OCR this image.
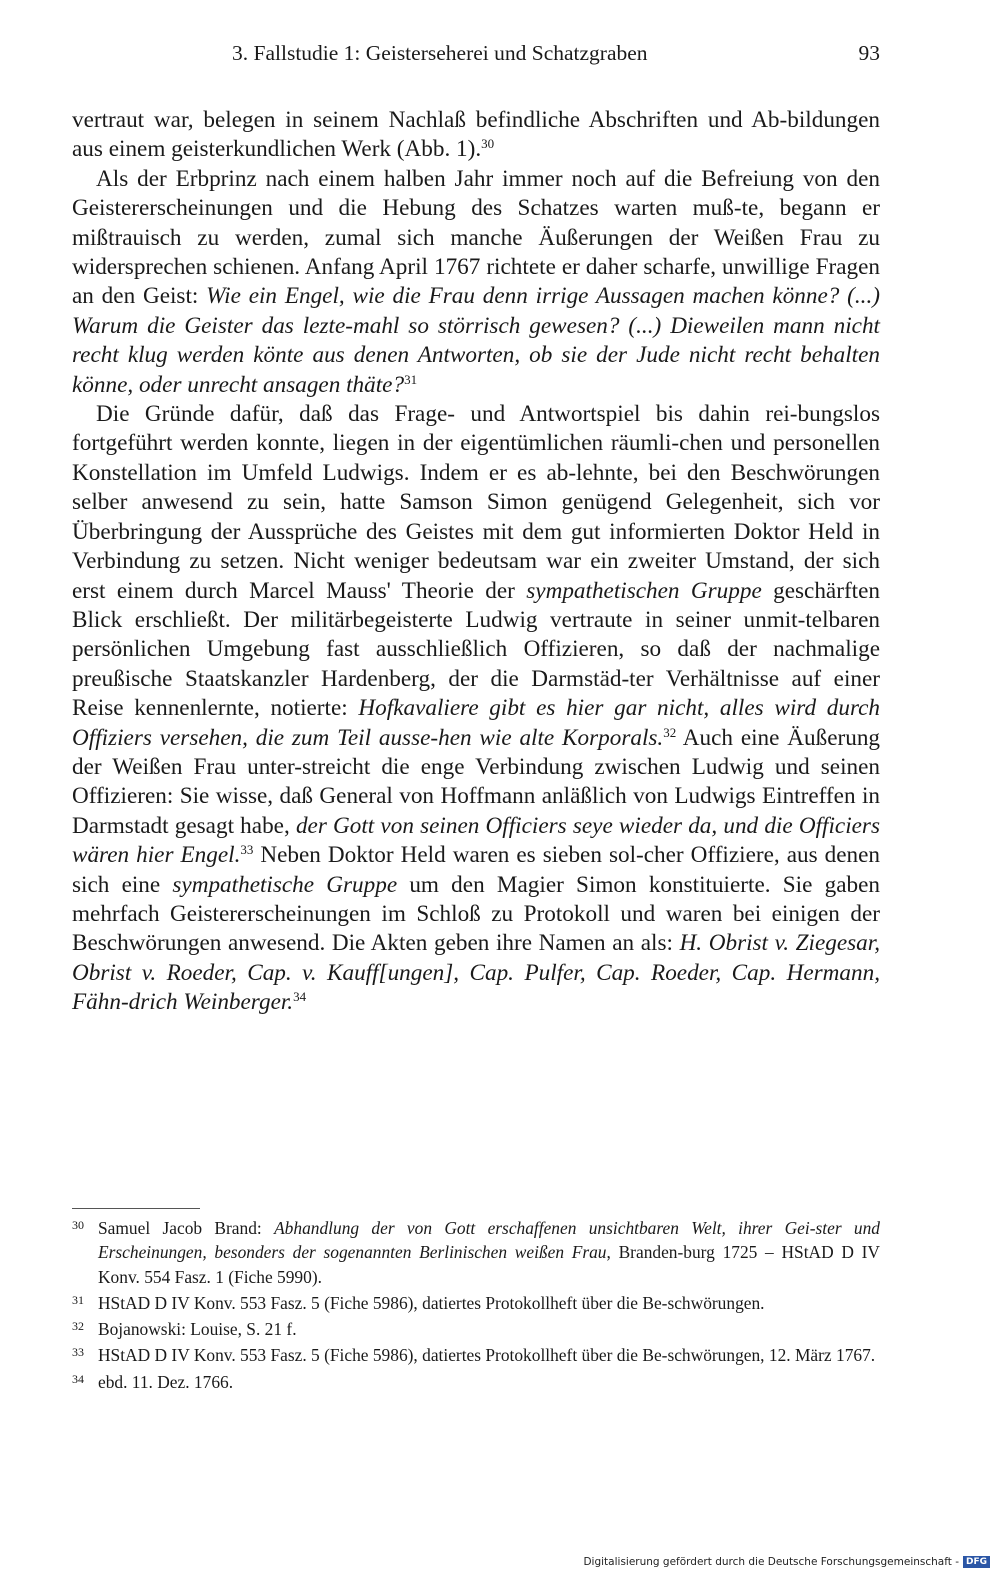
3. Fallstudie 1: Geisterseherei und Schatzgraben	93

vertraut war, belegen in seinem Nachlaß befindliche Abschriften und Ab-​bildungen aus einem geisterkundlichen Werk (Abb. 1).$^{30}$

Als der Erbprinz nach einem halben Jahr immer noch auf die Befreiung von den Geistererscheinungen und die Hebung des Schatzes warten muß-​te, begann er mißtrauisch zu werden, zumal sich manche Äußerungen der Weißen Frau zu widersprechen schienen. Anfang April 1767 richtete er daher scharfe, unwillige Fragen an den Geist: Wie ein Engel, wie die Frau denn irrige Aussagen machen könne? (...) Warum die Geister das lezte-​mahl so störrisch gewesen? (...) Dieweilen mann nicht recht klug werden könte aus denen Antworten, ob sie der Jude nicht recht behalten könne, oder unrecht ansagen thäte?$^{31}$

Die Gründe dafür, daß das Frage- und Antwortspiel bis dahin rei-​bungslos fortgeführt werden konnte, liegen in der eigentümlichen räumli-​chen und personellen Konstellation im Umfeld Ludwigs. Indem er es ab-​lehnte, bei den Beschwörungen selber anwesend zu sein, hatte Samson Simon genügend Gelegenheit, sich vor Überbringung der Aussprüche des Geistes mit dem gut informierten Doktor Held in Verbindung zu setzen. Nicht weniger bedeutsam war ein zweiter Umstand, der sich erst einem durch Marcel Mauss' Theorie der sympathetischen Gruppe geschärften Blick erschließt. Der militärbegeisterte Ludwig vertraute in seiner unmit-​telbaren persönlichen Umgebung fast ausschließlich Offizieren, so daß der nachmalige preußische Staatskanzler Hardenberg, der die Darmstäd-​ter Verhältnisse auf einer Reise kennenlernte, notierte: Hofkavaliere gibt es hier gar nicht, alles wird durch Offiziers versehen, die zum Teil ausse-​hen wie alte Korporals.$^{32}$ Auch eine Äußerung der Weißen Frau unter-​streicht die enge Verbindung zwischen Ludwig und seinen Offizieren: Sie wisse, daß General von Hoffmann anläßlich von Ludwigs Eintreffen in Darmstadt gesagt habe, der Gott von seinen Officiers seye wieder da, und die Officiers wären hier Engel.$^{33}$ Neben Doktor Held waren es sieben sol-​cher Offiziere, aus denen sich eine sympathetische Gruppe um den Magier Simon konstituierte. Sie gaben mehrfach Geistererscheinungen im Schloß zu Protokoll und waren bei einigen der Beschwörungen anwesend. Die Akten geben ihre Namen an als: H. Obrist v. Ziegesar, Obrist v. Roeder, Cap. v. Kauff[ungen], Cap. Pulfer, Cap. Roeder, Cap. Hermann, Fähn-​drich Weinberger.$^{34}$

30 Samuel Jacob Brand: Abhandlung der von Gott erschaffenen unsichtbaren Welt, ihrer Gei-​ster und Erscheinungen, besonders der sogenannten Berlinischen weißen Frau, Branden-​burg 1725 – HStAD D IV Konv. 554 Fasz. 1 (Fiche 5990).

31 HStAD D IV Konv. 553 Fasz. 5 (Fiche 5986), datiertes Protokollheft über die Be-​schwörungen.

32 Bojanowski: Louise, S. 21 f.

33 HStAD D IV Konv. 553 Fasz. 5 (Fiche 5986), datiertes Protokollheft über die Be-​schwörungen, 12. März 1767.

34 ebd. 11. Dez. 1766.

Digitalisierung gefördert durch die Deutsche Forschungsgemeinschaft - DFG
